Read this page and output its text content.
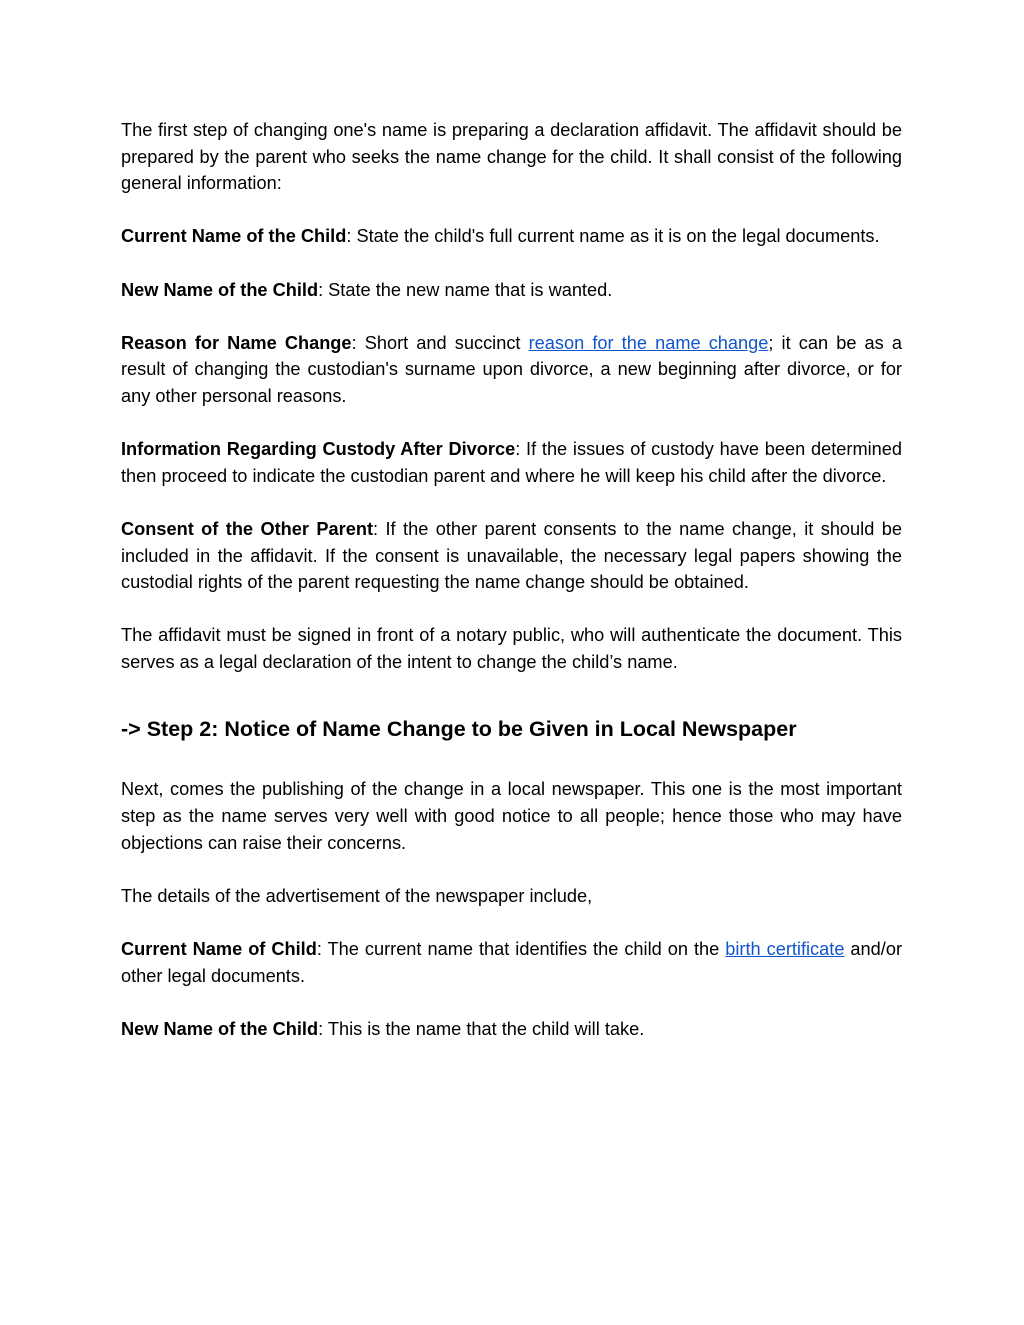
The first step of changing one's name is preparing a declaration affidavit. The affidavit should be prepared by the parent who seeks the name change for the child. It shall consist of the following general information:

Current Name of the Child: State the child's full current name as it is on the legal documents.

New Name of the Child: State the new name that is wanted.

Reason for Name Change: Short and succinct reason for the name change; it can be as a result of changing the custodian's surname upon divorce, a new beginning after divorce, or for any other personal reasons.

Information Regarding Custody After Divorce: If the issues of custody have been determined then proceed to indicate the custodian parent and where he will keep his child after the divorce.

Consent of the Other Parent: If the other parent consents to the name change, it should be included in the affidavit. If the consent is unavailable, the necessary legal papers showing the custodial rights of the parent requesting the name change should be obtained.

The affidavit must be signed in front of a notary public, who will authenticate the document. This serves as a legal declaration of the intent to change the child’s name.

-> Step 2: Notice of Name Change to be Given in Local Newspaper

Next, comes the publishing of the change in a local newspaper. This one is the most important step as the name serves very well with good notice to all people; hence those who may have objections can raise their concerns.

The details of the advertisement of the newspaper include,

Current Name of Child: The current name that identifies the child on the birth certificate and/or other legal documents.

New Name of the Child: This is the name that the child will take.
